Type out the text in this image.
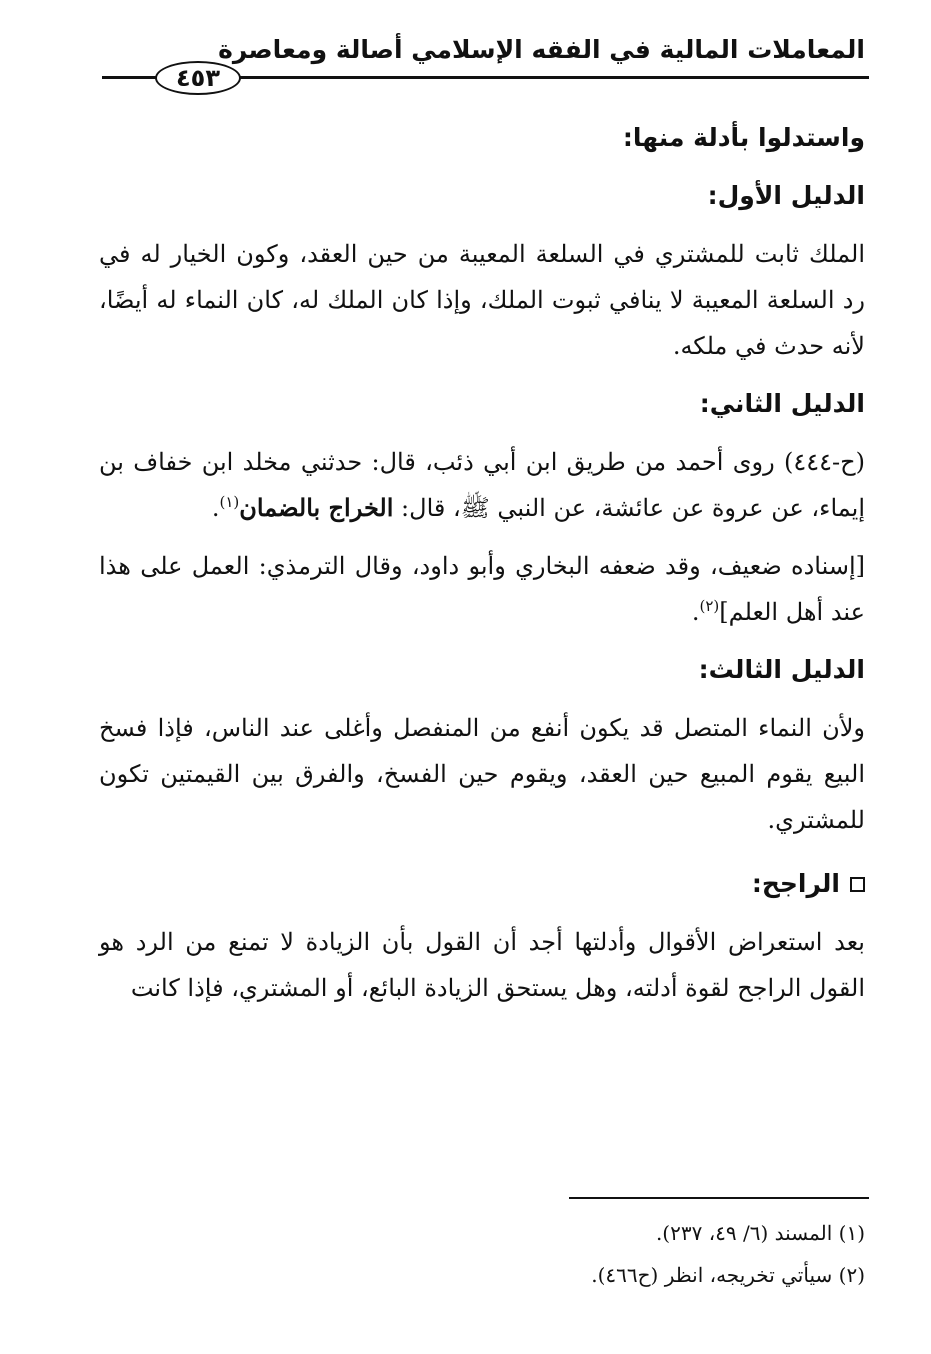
المعاملات المالية في الفقه الإسلامي أصالة ومعاصرة
٤٥٣

واستدلوا بأدلة منها:

الدليل الأول:

الملك ثابت للمشتري في السلعة المعيبة من حين العقد، وكون الخيار له في رد السلعة المعيبة لا ينافي ثبوت الملك، وإذا كان الملك له، كان النماء له أيضًا، لأنه حدث في ملكه.

الدليل الثاني:

(ح-٤٤٤) روى أحمد من طريق ابن أبي ذئب، قال: حدثني مخلد ابن خفاف بن إيماء، عن عروة عن عائشة، عن النبي ﷺ، قال: الخراج بالضمان$^{(١)}$.

[إسناده ضعيف، وقد ضعفه البخاري وأبو داود، وقال الترمذي: العمل على هذا عند أهل العلم]$^{(٢)}$.

الدليل الثالث:

ولأن النماء المتصل قد يكون أنفع من المنفصل وأغلى عند الناس، فإذا فسخ البيع يقوم المبيع حين العقد، ويقوم حين الفسخ، والفرق بين القيمتين تكون للمشتري.

الراجح:

بعد استعراض الأقوال وأدلتها أجد أن القول بأن الزيادة لا تمنع من الرد هو القول الراجح لقوة أدلته، وهل يستحق الزيادة البائع، أو المشتري، فإذا كانت

(١) المسند (٦/ ٤٩، ٢٣٧).

(٢) سيأتي تخريجه، انظر (ح٤٦٦).
